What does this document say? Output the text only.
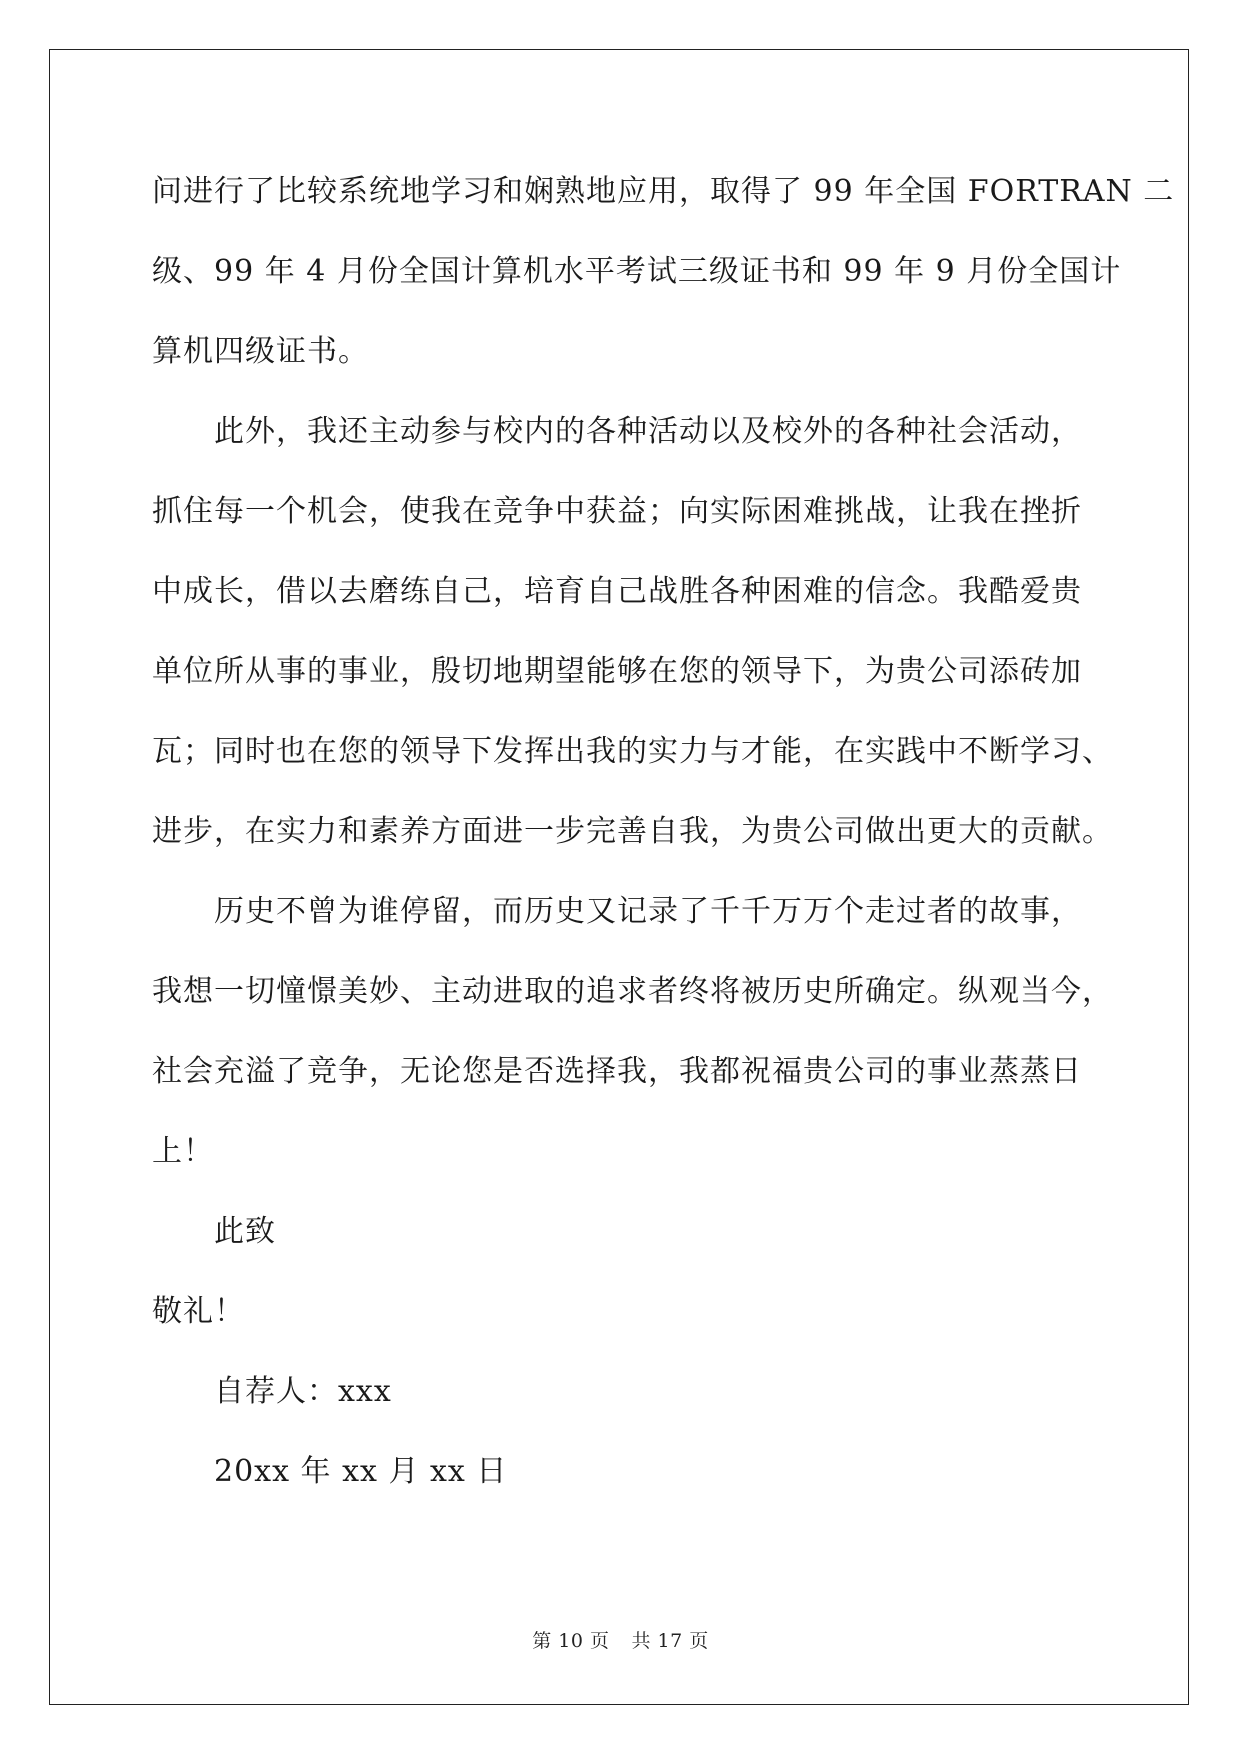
问进行了比较系统地学习和娴熟地应用，取得了 99 年全国 FORTRAN 二
级、99 年 4 月份全国计算机水平考试三级证书和 99 年 9 月份全国计
算机四级证书。
此外，我还主动参与校内的各种活动以及校外的各种社会活动，
抓住每一个机会，使我在竞争中获益；向实际困难挑战，让我在挫折
中成长，借以去磨练自己，培育自己战胜各种困难的信念。我酷爱贵
单位所从事的事业，殷切地期望能够在您的领导下，为贵公司添砖加
瓦；同时也在您的领导下发挥出我的实力与才能，在实践中不断学习、
进步，在实力和素养方面进一步完善自我，为贵公司做出更大的贡献。
历史不曾为谁停留，而历史又记录了千千万万个走过者的故事，
我想一切憧憬美妙、主动进取的追求者终将被历史所确定。纵观当今，
社会充溢了竞争，无论您是否选择我，我都祝福贵公司的事业蒸蒸日
上！
此致
敬礼！
自荐人：xxx
20xx 年 xx 月 xx 日
第 10 页 共 17 页
